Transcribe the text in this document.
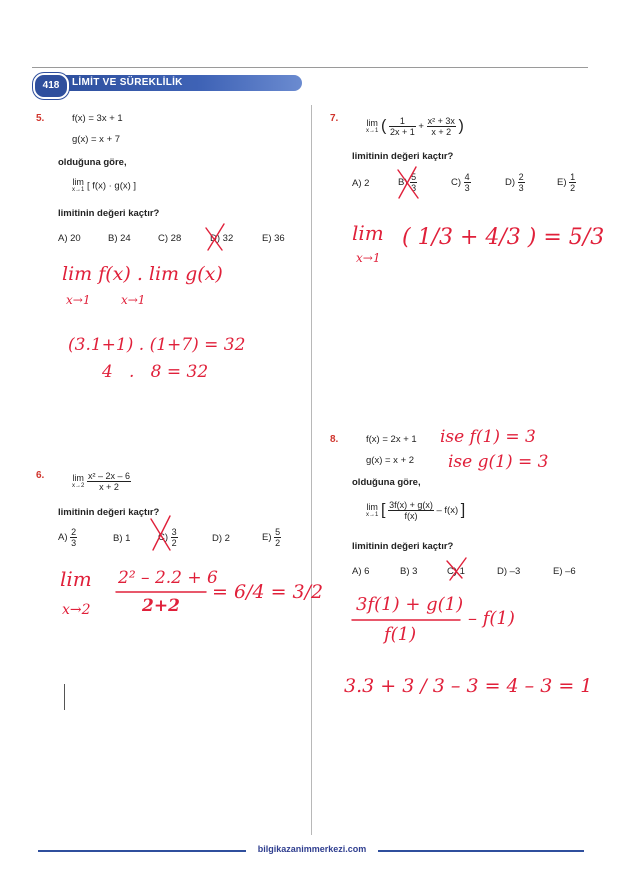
418	LİMİT VE SÜREKLİLİK
5.	f(x) = 3x + 1
g(x) = x + 7
olduğuna göre,
lim
x→1 [ f(x) · g(x) ]
limitinin değeri kaçtır?
A) 20	B) 24	C) 28	D) 32	E) 36
6.	lim
x→2
$\frac{\text{x² – 2x – 6}}{x + 2}$
limitinin değeri kaçtır?
$A) \frac{2}{3}$	B) 1	$C) \frac{3}{2}$	D) 2	$E) \frac{5}{2}$
7.	lim
x→1 ( $\frac{1}{2x + 1} + \frac{\text{x² + 3x}}{x + 2}$ )
limitinin değeri kaçtır?
A) 2	$B) \frac{5}{3}$	$C) \frac{4}{3}$	$D) \frac{2}{3}$	$E) \frac{1}{2}$
8.	f(x) = 2x + 1
g(x) = x + 2
olduğuna göre,
lim
x→1 [ $\frac{3f(x) + g(x)}{f(x)} - f(x)$ ]
limitinin değeri kaçtır?
A) 6	B) 3	C) 1	D) –3	E) –6
lim f(x) . lim g(x)
x→1        x→1
(3.1+1) . (1+7) = 32
4   .   8 = 32
lim
x→2
2² – 2.2 + 6
2+2
= 6/4 = 3/2
lim
x→1
( 1/3 + 4/3 ) = 5/3
ise f(1) = 3
ise g(1) = 3
3f(1) + g(1)
f(1)
– f(1)
3.3 + 3 / 3 – 3 = 4 – 3 = 1
bilgikazanimmerkezi.com
